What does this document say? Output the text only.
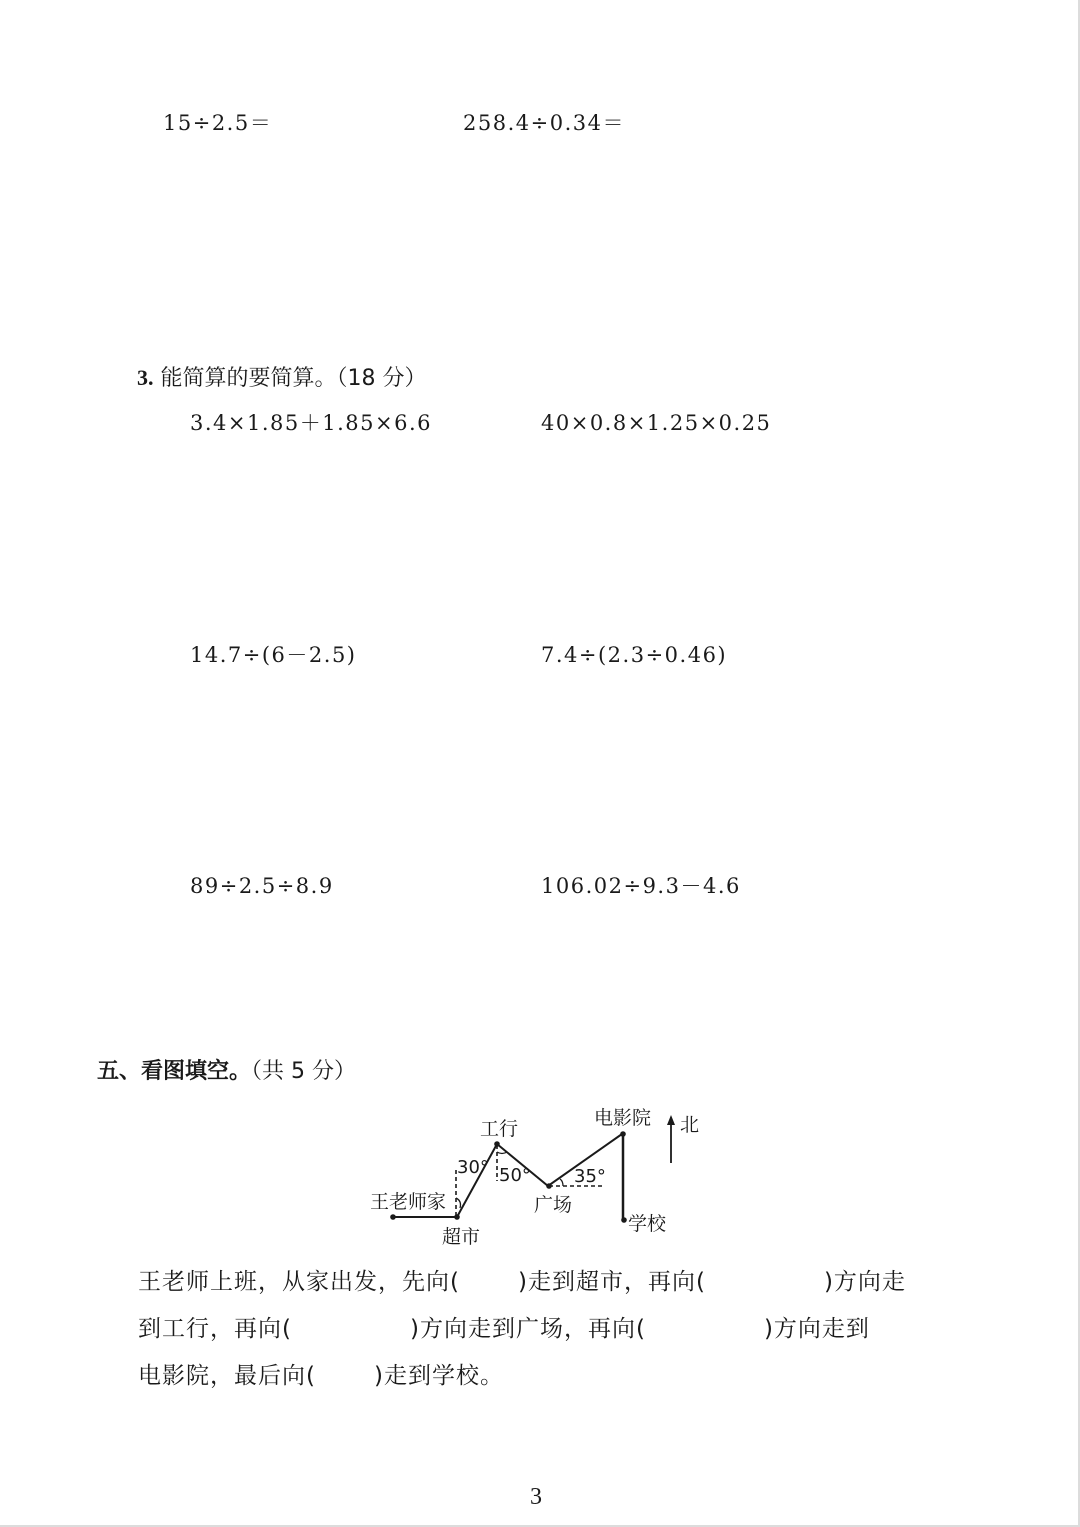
15÷2.5＝	258.4÷0.34＝
3. 能简算的要简算。（18 分）
3.4×1.85＋1.85×6.6	40×0.8×1.25×0.25
14.7÷(6－2.5)	7.4÷(2.3÷0.46)
89÷2.5÷8.9	106.02÷9.3－4.6
五、看图填空。（共 5 分）
王老师家
超市
工行
广场
电影院
学校
北
30° 50° 35°
王老师上班，从家出发，先向(	)走到超市，再向(	)方向走
到工行，再向(	)方向走到广场，再向(	)方向走到
电影院，最后向(	)走到学校。
3
